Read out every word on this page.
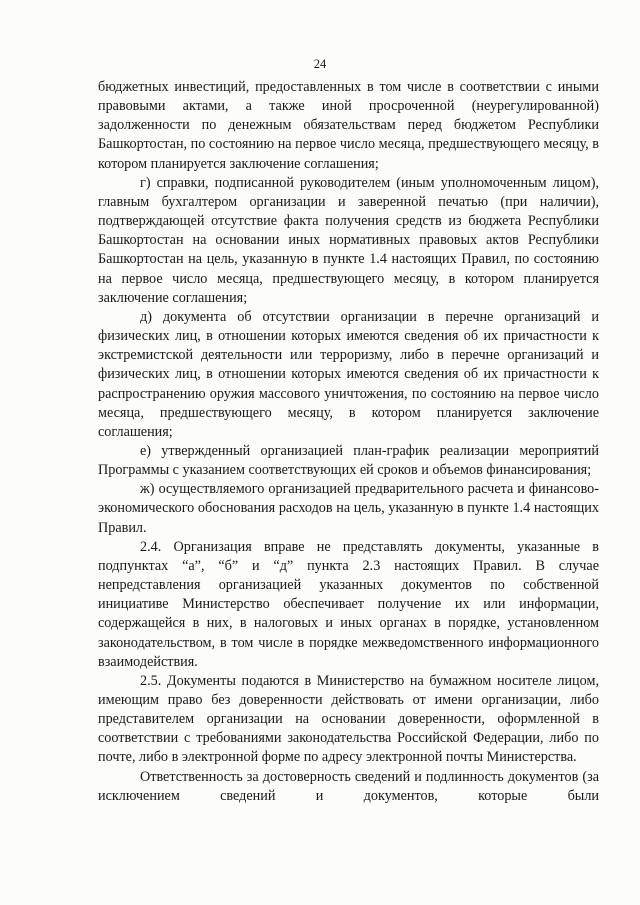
24

бюджетных инвестиций, предоставленных в том числе в соответствии с иными правовыми актами, а также иной просроченной (неурегулированной) задолженности по денежным обязательствам перед бюджетом Республики Башкортостан, по состоянию на первое число месяца, предшествующего месяцу, в котором планируется заключение соглашения;

г) справки, подписанной руководителем (иным уполномоченным лицом), главным бухгалтером организации и заверенной печатью (при наличии), подтверждающей отсутствие факта получения средств из бюджета Республики Башкортостан на основании иных нормативных правовых актов Республики Башкортостан на цель, указанную в пункте 1.4 настоящих Правил, по состоянию на первое число месяца, предшествующего месяцу, в котором планируется заключение соглашения;

д) документа об отсутствии организации в перечне организаций и физических лиц, в отношении которых имеются сведения об их причастности к экстремистской деятельности или терроризму, либо в перечне организаций и физических лиц, в отношении которых имеются сведения об их причастности к распространению оружия массового уничтожения, по состоянию на первое число месяца, предшествующего месяцу, в котором планируется заключение соглашения;

е) утвержденный организацией план-график реализации мероприятий Программы с указанием соответствующих ей сроков и объемов финансирования;

ж) осуществляемого организацией предварительного расчета и финансово-экономического обоснования расходов на цель, указанную в пункте 1.4 настоящих Правил.

2.4. Организация вправе не представлять документы, указанные в подпунктах “а”, “б” и “д” пункта 2.3 настоящих Правил. В случае непредставления организацией указанных документов по собственной инициативе Министерство обеспечивает получение их или информации, содержащейся в них, в налоговых и иных органах в порядке, установленном законодательством, в том числе в порядке межведомственного информационного взаимодействия.

2.5. Документы подаются в Министерство на бумажном носителе лицом, имеющим право без доверенности действовать от имени организации, либо представителем организации на основании доверенности, оформленной в соответствии с требованиями законодательства Российской Федерации, либо по почте, либо в электронной форме по адресу электронной почты Министерства.

Ответственность за достоверность сведений и подлинность документов (за исключением сведений и документов, которые были
